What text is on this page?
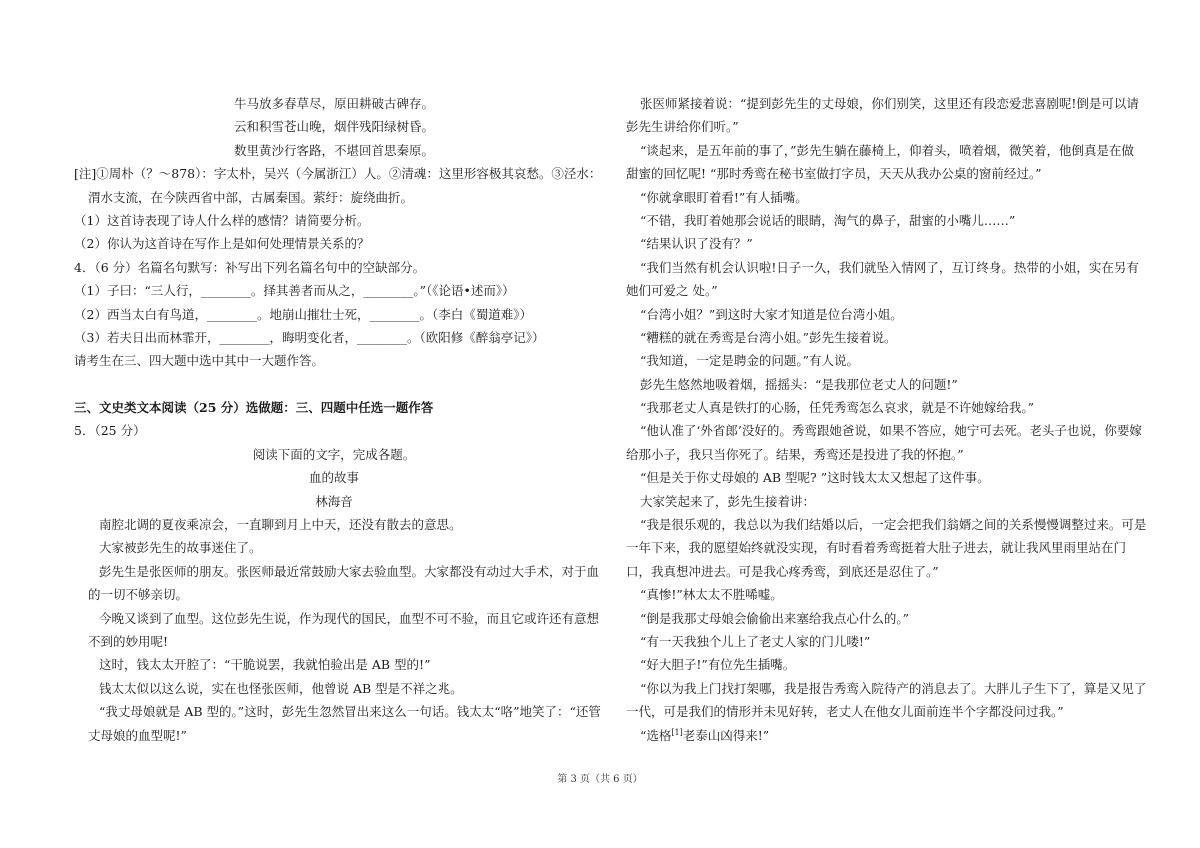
牛马放多春草尽，原田耕破古碑存。
云和积雪苍山晚，烟伴残阳绿树昏。
数里黄沙行客路，不堪回首思秦原。
[注]①周朴（？～878）：字太朴，吴兴（今属浙江）人。②清魂：这里形容极其哀愁。③泾水：
渭水支流，在今陕西省中部，古属秦国。萦纡：旋绕曲折。
（1）这首诗表现了诗人什么样的感情？请简要分析。
（2）你认为这首诗在写作上是如何处理情景关系的？
4．（6 分）名篇名句默写：补写出下列名篇名句中的空缺部分。
（1）子曰：“三人行，________。择其善者而从之，________。”（《论语•述而》）
（2）西当太白有鸟道，________。地崩山摧壮士死，________。（李白《蜀道难》）
（3）若夫日出而林霏开，________，晦明变化者，________。（欧阳修《醉翁亭记》）
请考生在三、四大题中选中其中一大题作答。
三、文史类文本阅读（25 分）选做题：三、四题中任选一题作答
5．（25 分）
阅读下面的文字，完成各题。
血的故事
林海音
南腔北调的夏夜乘凉会，一直聊到月上中天，还没有散去的意思。
大家被彭先生的故事迷住了。
彭先生是张医师的朋友。张医师最近常鼓励大家去验血型。大家都没有动过大手术，对于血
的一切不够亲切。
今晚又谈到了血型。这位彭先生说，作为现代的国民，血型不可不验，而且它或许还有意想
不到的妙用呢!
这时，钱太太开腔了：“干脆说罢，我就怕验出是 AB 型的!”
钱太太似以这么说，实在也怪张医师，他曾说 AB 型是不祥之兆。
“我丈母娘就是 AB 型的。”这时，彭先生忽然冒出来这么一句话。钱太太“咯”地笑了：“还管
丈母娘的血型呢!”
张医师紧接着说：“提到彭先生的丈母娘，你们别笑，这里还有段恋爱悲喜剧呢!倒是可以请
彭先生讲给你们听。”
“谈起来，是五年前的事了，”彭先生躺在藤椅上，仰着头，喷着烟，微笑着，他倒真是在做
甜蜜的回忆呢! “那时秀鸾在秘书室做打字员，天天从我办公桌的窗前经过。”
“你就拿眼盯着看!”有人插嘴。
“不错，我盯着她那会说话的眼睛，淘气的鼻子，甜蜜的小嘴儿……”
“结果认识了没有？”
“我们当然有机会认识啦!日子一久，我们就坠入情网了，互订终身。热带的小姐，实在另有
她们可爱之 处。”
“台湾小姐？”到这时大家才知道是位台湾小姐。
“糟糕的就在秀鸾是台湾小姐。”彭先生接着说。
“我知道，一定是聘金的问题。”有人说。
彭先生悠然地吸着烟，摇摇头：“是我那位老丈人的问题!”
“我那老丈人真是铁打的心肠，任凭秀鸾怎么哀求，就是不许她嫁给我。”
“他认准了‘外省郎’没好的。秀鸾跟她爸说，如果不答应，她宁可去死。老头子也说，你要嫁
给那小子，我只当你死了。结果，秀鸾还是投进了我的怀抱。”
“但是关于你丈母娘的 AB 型呢? ”这时钱太太又想起了这件事。
大家笑起来了，彭先生接着讲：
“我是很乐观的，我总以为我们结婚以后，一定会把我们翁婿之间的关系慢慢调整过来。可是
一年下来，我的愿望始终就没实现，有时看着秀鸾挺着大肚子进去，就让我风里雨里站在门
口，我真想冲进去。可是我心疼秀鸾，到底还是忍住了。”
“真惨!”林太太不胜唏嘘。
“倒是我那丈母娘会偷偷出来塞给我点心什么的。”
“有一天我独个儿上了老丈人家的门儿喽!”
“好大胆子!”有位先生插嘴。
“你以为我上门找打架哪，我是报告秀鸾入院待产的消息去了。大胖儿子生下了，算是又见了
一代，可是我们的情形并未见好转，老丈人在他女儿面前连半个字都没问过我。”
“选格[1]老泰山凶得来!”
第 3 页（共 6 页）
